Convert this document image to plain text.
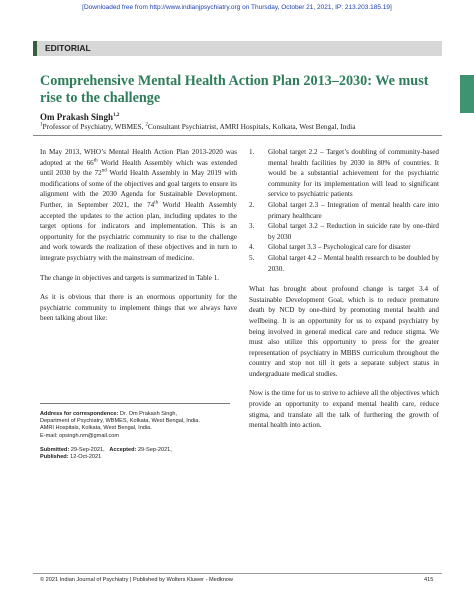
[Downloaded free from http://www.indianjpsychiatry.org on Thursday, October 21, 2021, IP: 213.203.185.19]
EDITORIAL
Comprehensive Mental Health Action Plan 2013–2030: We must rise to the challenge
Om Prakash Singh$^{1,2}$
$^1$Professor of Psychiatry, WBMES, $^2$Consultant Psychiatrist, AMRI Hospitals, Kolkata, West Bengal, India

In May 2013, WHO’s Mental Health Action Plan 2013-2020 was adopted at the 66th World Health Assembly which was extended until 2030 by the 72nd World Health Assembly in May 2019 with modifications of some of the objectives and goal targets to ensure its alignment with the 2030 Agenda for Sustainable Development. Further, in September 2021, the 74th World Health Assembly accepted the updates to the action plan, including updates to the target options for indicators and implementation. This is an opportunity for the psychiatric community to rise to the challenge and work towards the realization of these objectives and in turn to integrate psychiatry with the mainstream of medicine.

The change in objectives and targets is summarized in Table 1.

As it is obvious that there is an enormous opportunity for the psychiatric community to implement things that we always have been talking about like:

Address for correspondence: Dr. Om Prakash Singh,
Department of Psychiatry, WBMES, Kolkata, West Bengal, India.
AMRI Hospitals, Kolkata, West Bengal, India.
E-mail: opsingh.nm@gmail.com
Submitted: 29-Sep-2021, Accepted: 29-Sep-2021,
Published: 12-Oct-2021
1.	Global target 2.2 – Target’s doubling of community-based mental health facilities by 2030 in 80% of countries. It would be a substantial achievement for the psychiatric community for its implementation will lead to significant service to psychiatric patients
2.	Global target 2.3 – Integration of mental health care into primary healthcare
3.	Global target 3.2 – Reduction in suicide rate by one-third by 2030
4.	Global target 3.3 – Psychological care for disaster
5.	Global target 4.2 – Mental health research to be doubled by 2030.

What has brought about profound change is target 3.4 of Sustainable Development Goal, which is to reduce premature death by NCD by one-third by promoting mental health and wellbeing. It is an opportunity for us to expand psychiatry by being involved in general medical care and reduce stigma. We must also utilize this opportunity to press for the greater representation of psychiatry in MBBS curriculum throughout the country and stop not till it gets a separate subject status in undergraduate medical studies.

Now is the time for us to strive to achieve all the objectives which provide an opportunity to expand mental health care, reduce stigma, and translate all the talk of furthering the growth of mental health into action.

© 2021 Indian Journal of Psychiatry | Published by Wolters Kluwer - Medknow	415
